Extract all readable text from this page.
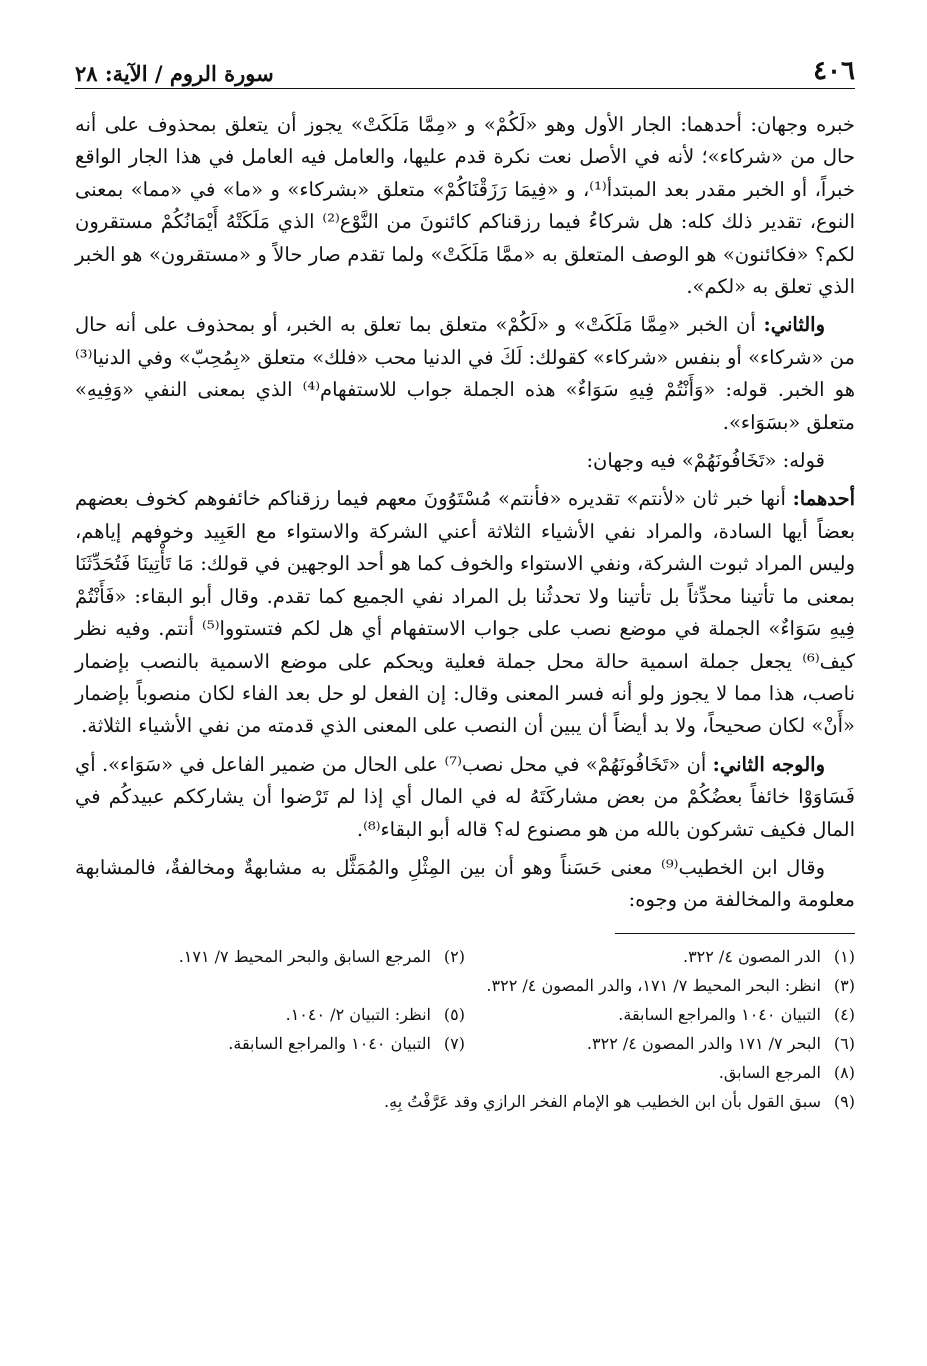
٤٠٦
سورة الروم / الآية: ٢٨

خبره وجهان: أحدهما: الجار الأول وهو «لَكُمْ» و «مِمَّا مَلَكَتْ» يجوز أن يتعلق بمحذوف على أنه حال من «شركاء»؛ لأنه في الأصل نعت نكرة قدم عليها، والعامل فيه العامل في هذا الجار الواقع خبراً، أو الخبر مقدر بعد المبتدأ⁽¹⁾، و «فِيمَا رَزَقْنَاكُمْ» متعلق «بشركاء» و «ما» في «مما» بمعنى النوع، تقدير ذلك كله: هل شركاءُ فيما رزقناكم كائنونَ من النَّوْع⁽²⁾ الذي مَلَكَتْهُ أَيْمَانُكُمْ مستقرون لكم؟ «فكائنون» هو الوصف المتعلق به «ممَّا مَلَكَتْ» ولما تقدم صار حالاً و «مستقرون» هو الخبر الذي تعلق به «لكم».

والثاني: أن الخبر «مِمَّا مَلَكَتْ» و «لَكُمْ» متعلق بما تعلق به الخبر، أو بمحذوف على أنه حال من «شركاء» أو بنفس «شركاء» كقولك: لَكَ في الدنيا محب «فلك» متعلق «بِمُحِبّ» وفي الدنيا⁽³⁾ هو الخبر. قوله: «وَأَنْتُمْ فِيهِ سَوَاءٌ» هذه الجملة جواب للاستفهام⁽⁴⁾ الذي بمعنى النفي «وَفِيهِ» متعلق «بسَوَاء».

قوله: «تَخَافُونَهُمْ» فيه وجهان:

أحدهما: أنها خبر ثان «لأنتم» تقديره «فأنتم» مُسْتَوُونَ معهم فيما رزقناكم خائفوهم كخوف بعضهم بعضاً أيها السادة، والمراد نفي الأشياء الثلاثة أعني الشركة والاستواء مع العَبِيد وخوفهم إياهم، وليس المراد ثبوت الشركة، ونفي الاستواء والخوف كما هو أحد الوجهين في قولك: مَا تَأْتِينَا فَتُحَدِّثَنَا بمعنى ما تأتينا محدِّثاً بل تأتينا ولا تحدثُنا بل المراد نفي الجميع كما تقدم. وقال أبو البقاء: «فَأَنْتُمْ فِيهِ سَوَاءٌ» الجملة في موضع نصب على جواب الاستفهام أي هل لكم فتستووا⁽⁵⁾ أنتم. وفيه نظر كيف⁽⁶⁾ يجعل جملة اسمية حالة محل جملة فعلية ويحكم على موضع الاسمية بالنصب بإضمار ناصب، هذا مما لا يجوز ولو أنه فسر المعنى وقال: إن الفعل لو حل بعد الفاء لكان منصوباً بإضمار «أَنْ» لكان صحيحاً، ولا بد أيضاً أن يبين أن النصب على المعنى الذي قدمته من نفي الأشياء الثلاثة.

والوجه الثاني: أن «تَخَافُونَهُمْ» في محل نصب⁽⁷⁾ على الحال من ضمير الفاعل في «سَوَاء». أي فَسَاوَوْا خائفاً بعضُكُمْ من بعض مشاركَتَهُ له في المال أي إذا لم تَرْضوا أن يشارككم عبيدكُم في المال فكيف تشركون بالله من هو مصنوع له؟ قاله أبو البقاء⁽⁸⁾.

وقال ابن الخطيب⁽⁹⁾ معنى حَسَناً وهو أن بين المِثْلِ والمُمَثَّل به مشابهةٌ ومخالفةٌ، فالمشابهة معلومة والمخالفة من وجوه:

(١)الدر المصون ٤/ ٣٢٢.
(٢)المرجع السابق والبحر المحيط ٧/ ١٧١.
(٣)انظر: البحر المحيط ٧/ ١٧١، والدر المصون ٤/ ٣٢٢.
(٤)التبيان ١٠٤٠ والمراجع السابقة.
(٥)انظر: التبيان ٢/ ١٠٤٠.
(٦)البحر ٧/ ١٧١ والدر المصون ٤/ ٣٢٢.
(٧)التبيان ١٠٤٠ والمراجع السابقة.
(٨)المرجع السابق.
(٩)سبق القول بأن ابن الخطيب هو الإمام الفخر الرازي وقد عَرَّفْتُ بِهِ.
